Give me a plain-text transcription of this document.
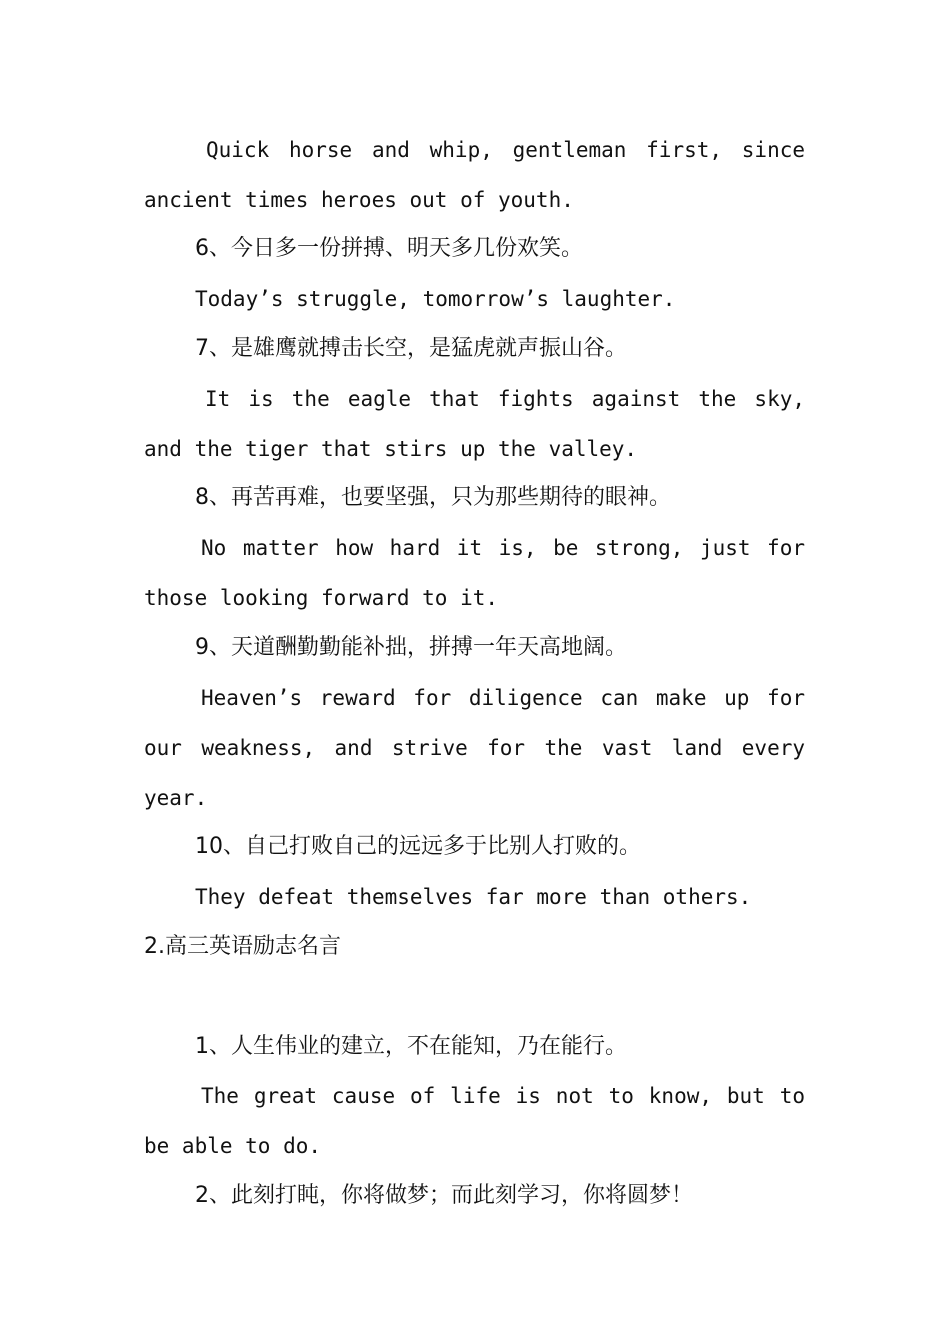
Quick horse and whip, gentleman first, since
ancient times heroes out of youth.
6、今日多一份拼搏、明天多几份欢笑。
Today’s struggle, tomorrow’s laughter.
7、是雄鹰就搏击长空，是猛虎就声振山谷。
It is the eagle that fights against the sky,
and the tiger that stirs up the valley.
8、再苦再难，也要坚强，只为那些期待的眼神。
No matter how hard it is, be strong, just for
those looking forward to it.
9、天道酬勤勤能补拙，拼搏一年天高地阔。
Heaven’s reward for diligence can make up for
our weakness, and strive for the vast land every
year.
10、自己打败自己的远远多于比别人打败的。
They defeat themselves far more than others.
2.高三英语励志名言
1、人生伟业的建立，不在能知，乃在能行。
The great cause of life is not to know, but to
be able to do.
2、此刻打盹，你将做梦；而此刻学习，你将圆梦！
